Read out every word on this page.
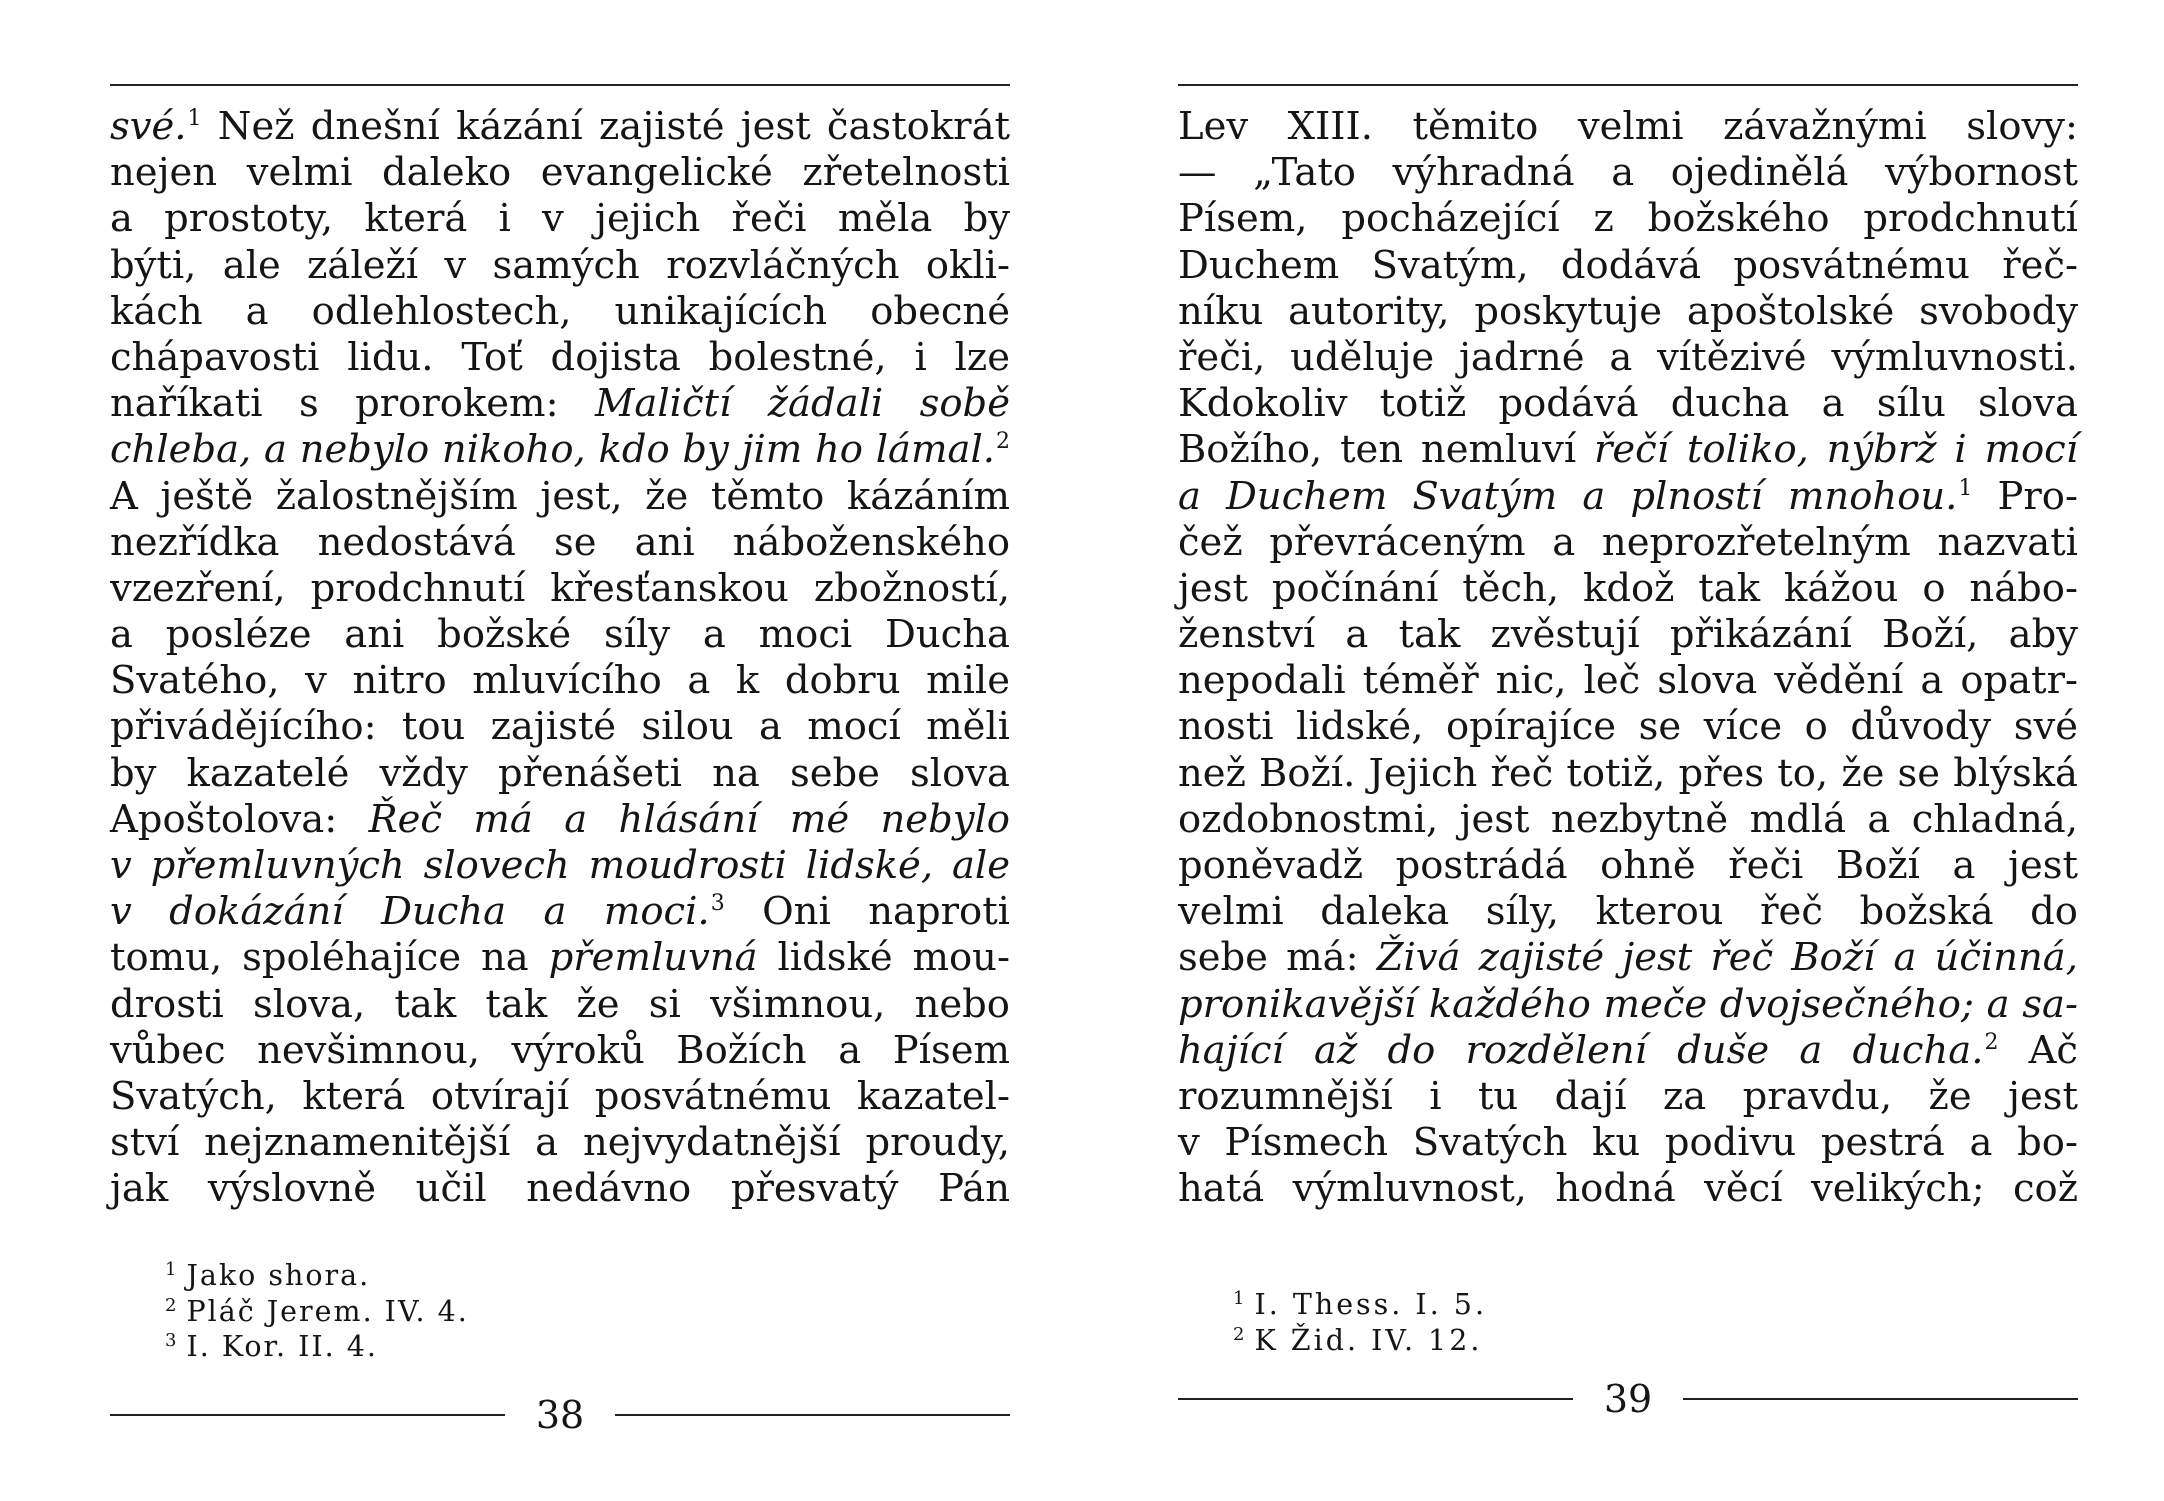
své.$^1$ Než dnešní kázání zajisté jest častokrát
nejen velmi daleko evangelické zřetelnosti
a prostoty, která i v jejich řeči měla by
býti, ale záleží v samých rozvláčných okli-
kách a odlehlostech, unikajících obecné
chápavosti lidu. Toť dojista bolestné, i lze
naříkati s prorokem: Maličtí žádali sobě
chleba, a nebylo nikoho, kdo by jim ho lámal.$^2$
A ještě žalostnějším jest, že těmto kázáním
nezřídka nedostává se ani náboženského
vzezření, prodchnutí křesťanskou zbožností,
a posléze ani božské síly a moci Ducha
Svatého, v nitro mluvícího a k dobru mile
přivádějícího: tou zajisté silou a mocí měli
by kazatelé vždy přenášeti na sebe slova
Apoštolova: Řeč má a hlásání mé nebylo
v přemluvných slovech moudrosti lidské, ale
v dokázání Ducha a moci.$^3$ Oni naproti
tomu, spoléhajíce na přemluvná lidské mou-
drosti slova, tak tak že si všimnou, nebo
vůbec nevšimnou, výroků Božích a Písem
Svatých, která otvírají posvátnému kazatel-
ství nejznamenitější a nejvydatnější proudy,
jak výslovně učil nedávno přesvatý Pán
$^1$ Jako shora.
$^2$ Pláč Jerem. IV. 4.
$^3$ I. Kor. II. 4.
38
Lev XIII. těmito velmi závažnými slovy:
— „Tato výhradná a ojedinělá výbornost
Písem, pocházející z božského prodchnutí
Duchem Svatým, dodává posvátnému řeč-
níku autority, poskytuje apoštolské svobody
řeči, uděluje jadrné a vítězivé výmluvnosti.
Kdokoliv totiž podává ducha a sílu slova
Božího, ten nemluví řečí toliko, nýbrž i mocí
a Duchem Svatým a plností mnohou.$^1$ Pro-
čež převráceným a neprozřetelným nazvati
jest počínání těch, kdož tak kážou o nábo-
ženství a tak zvěstují přikázání Boží, aby
nepodali téměř nic, leč slova vědění a opatr-
nosti lidské, opírajíce se více o důvody své
než Boží. Jejich řeč totiž, přes to, že se blýská
ozdobnostmi, jest nezbytně mdlá a chladná,
poněvadž postrádá ohně řeči Boží a jest
velmi daleka síly, kterou řeč božská do
sebe má: Živá zajisté jest řeč Boží a účinná,
pronikavější každého meče dvojsečného; a sa-
hající až do rozdělení duše a ducha.$^2$ Ač
rozumnější i tu dají za pravdu, že jest
v Písmech Svatých ku podivu pestrá a bo-
hatá výmluvnost, hodná věcí velikých; což
$^1$ I. Thess. I. 5.
$^2$ K Žid. IV. 12.
39
